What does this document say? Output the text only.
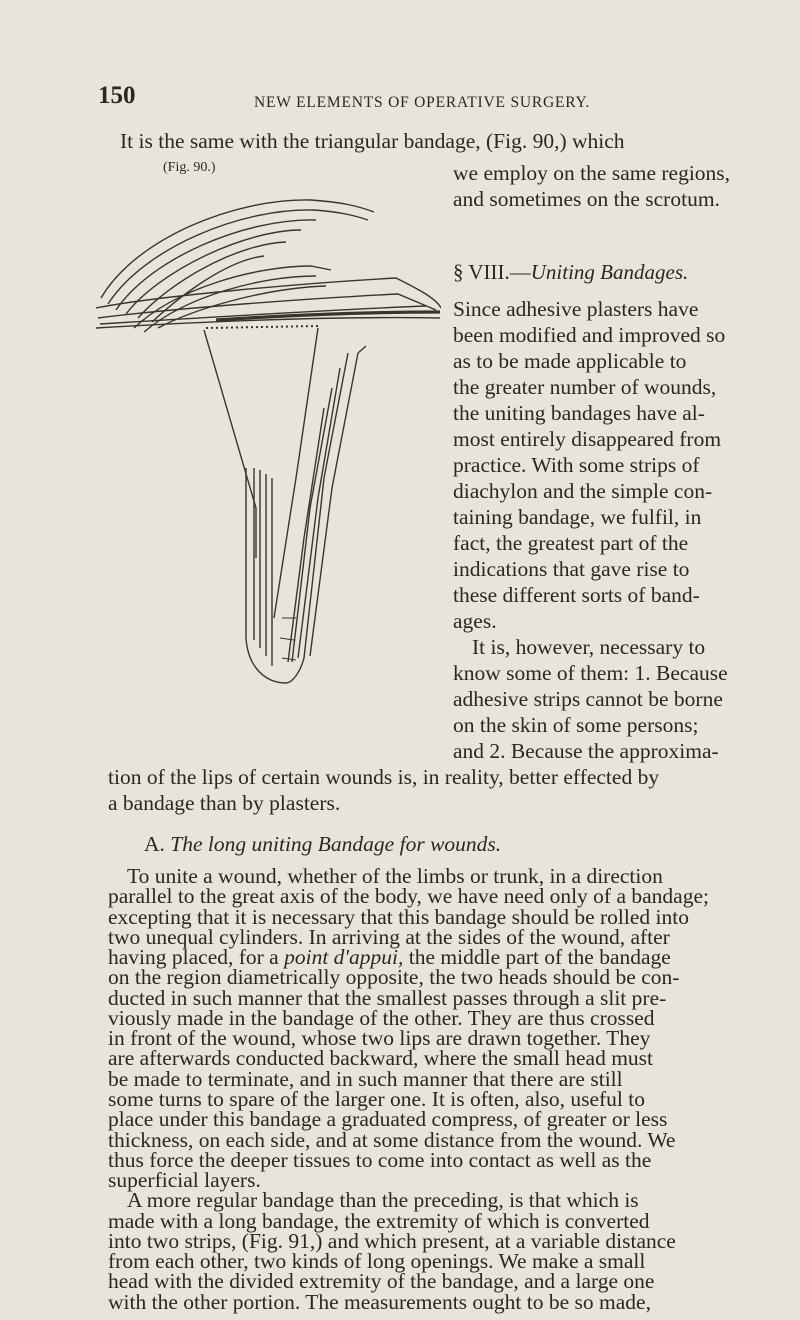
150	NEW ELEMENTS OF OPERATIVE SURGERY.
It is the same with the triangular bandage, (Fig. 90,) which
(Fig. 90.)	we employ on the same regions,
and sometimes on the scrotum.
§ VIII.—Uniting Bandages.
Since adhesive plasters have
been modified and improved so
as to be made applicable to
the greater number of wounds,
the uniting bandages have al-
most entirely disappeared from
practice. With some strips of
diachylon and the simple con-
taining bandage, we fulfil, in
fact, the greatest part of the
indications that gave rise to
these different sorts of band-
ages.
It is, however, necessary to
know some of them: 1. Because
adhesive strips cannot be borne
on the skin of some persons;
and 2. Because the approxima-
tion of the lips of certain wounds is, in reality, better effected by
a bandage than by plasters.
A. The long uniting Bandage for wounds.
To unite a wound, whether of the limbs or trunk, in a direction
parallel to the great axis of the body, we have need only of a bandage;
excepting that it is necessary that this bandage should be rolled into
two unequal cylinders. In arriving at the sides of the wound, after
having placed, for a point d'appui, the middle part of the bandage
on the region diametrically opposite, the two heads should be con-
ducted in such manner that the smallest passes through a slit pre-
viously made in the bandage of the other. They are thus crossed
in front of the wound, whose two lips are drawn together. They
are afterwards conducted backward, where the small head must
be made to terminate, and in such manner that there are still
some turns to spare of the larger one. It is often, also, useful to
place under this bandage a graduated compress, of greater or less
thickness, on each side, and at some distance from the wound. We
thus force the deeper tissues to come into contact as well as the
superficial layers.
A more regular bandage than the preceding, is that which is
made with a long bandage, the extremity of which is converted
into two strips, (Fig. 91,) and which present, at a variable distance
from each other, two kinds of long openings. We make a small
head with the divided extremity of the bandage, and a large one
with the other portion. The measurements ought to be so made,
